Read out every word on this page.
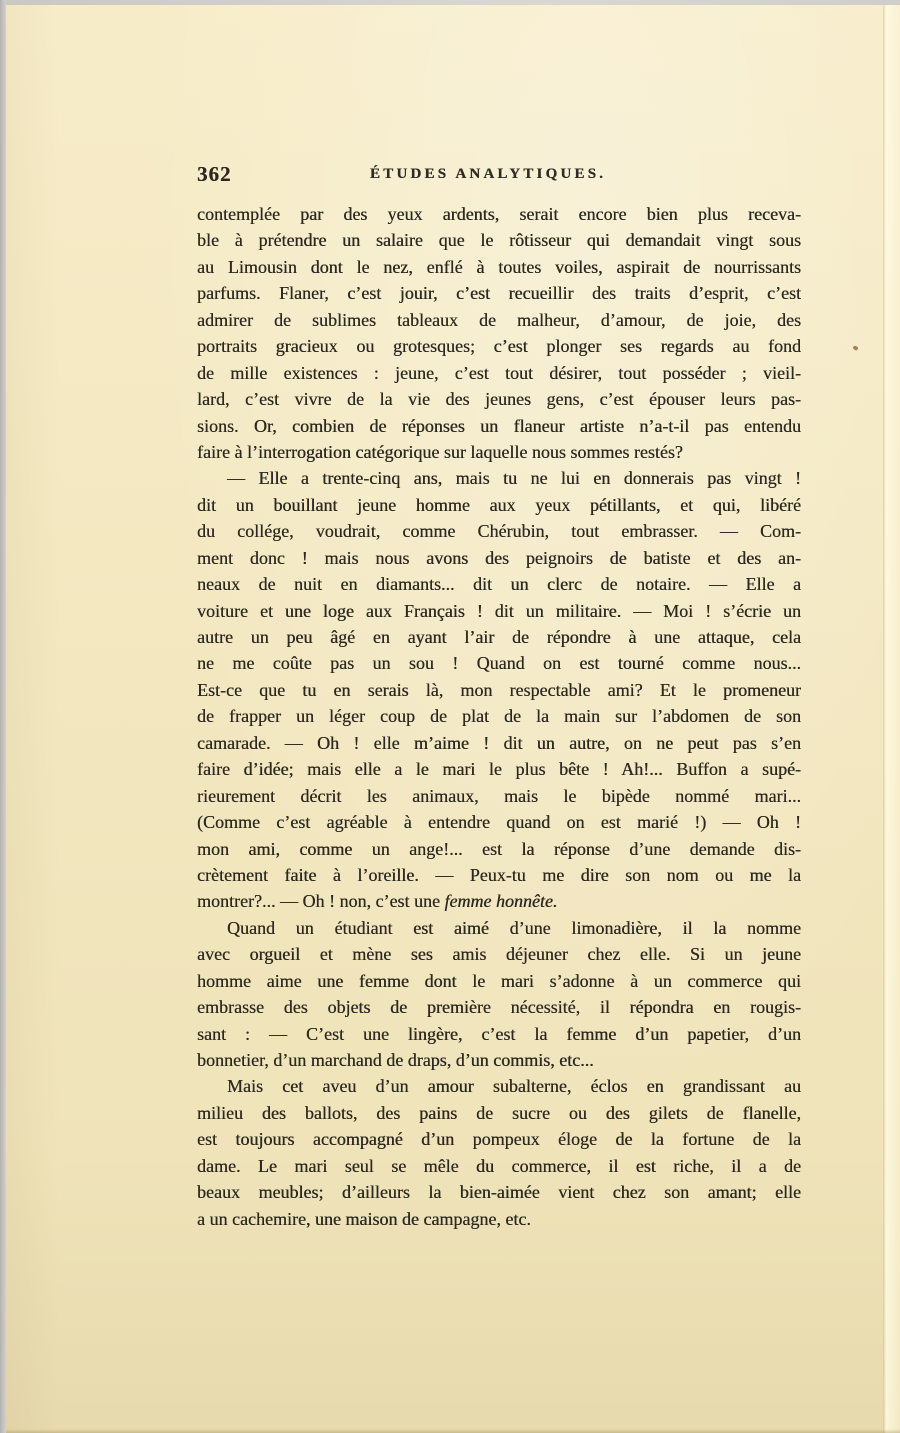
362	ÉTUDES ANALYTIQUES.
contemplée par des yeux ardents, serait encore bien plus receva-
ble à prétendre un salaire que le rôtisseur qui demandait vingt sous
au Limousin dont le nez, enflé à toutes voiles, aspirait de nourrissants
parfums. Flaner, c’est jouir, c’est recueillir des traits d’esprit, c’est
admirer de sublimes tableaux de malheur, d’amour, de joie, des
portraits gracieux ou grotesques; c’est plonger ses regards au fond
de mille existences : jeune, c’est tout désirer, tout posséder ; vieil-
lard, c’est vivre de la vie des jeunes gens, c’est épouser leurs pas-
sions. Or, combien de réponses un flaneur artiste n’a-t-il pas entendu
faire à l’interrogation catégorique sur laquelle nous sommes restés?
— Elle a trente-cinq ans, mais tu ne lui en donnerais pas vingt !
dit un bouillant jeune homme aux yeux pétillants, et qui, libéré
du collége, voudrait, comme Chérubin, tout embrasser. — Com-
ment donc ! mais nous avons des peignoirs de batiste et des an-
neaux de nuit en diamants... dit un clerc de notaire. — Elle a
voiture et une loge aux Français ! dit un militaire. — Moi ! s’écrie un
autre un peu âgé en ayant l’air de répondre à une attaque, cela
ne me coûte pas un sou ! Quand on est tourné comme nous...
Est-ce que tu en serais là, mon respectable ami? Et le promeneur
de frapper un léger coup de plat de la main sur l’abdomen de son
camarade. — Oh ! elle m’aime ! dit un autre, on ne peut pas s’en
faire d’idée; mais elle a le mari le plus bête ! Ah!... Buffon a supé-
rieurement décrit les animaux, mais le bipède nommé mari...
(Comme c’est agréable à entendre quand on est marié !) — Oh !
mon ami, comme un ange!... est la réponse d’une demande dis-
crètement faite à l’oreille. — Peux-tu me dire son nom ou me la
montrer?... — Oh ! non, c’est une femme honnête.
Quand un étudiant est aimé d’une limonadière, il la nomme
avec orgueil et mène ses amis déjeuner chez elle. Si un jeune
homme aime une femme dont le mari s’adonne à un commerce qui
embrasse des objets de première nécessité, il répondra en rougis-
sant : — C’est une lingère, c’est la femme d’un papetier, d’un
bonnetier, d’un marchand de draps, d’un commis, etc...
Mais cet aveu d’un amour subalterne, éclos en grandissant au
milieu des ballots, des pains de sucre ou des gilets de flanelle,
est toujours accompagné d’un pompeux éloge de la fortune de la
dame. Le mari seul se mêle du commerce, il est riche, il a de
beaux meubles; d’ailleurs la bien-aimée vient chez son amant; elle
a un cachemire, une maison de campagne, etc.
